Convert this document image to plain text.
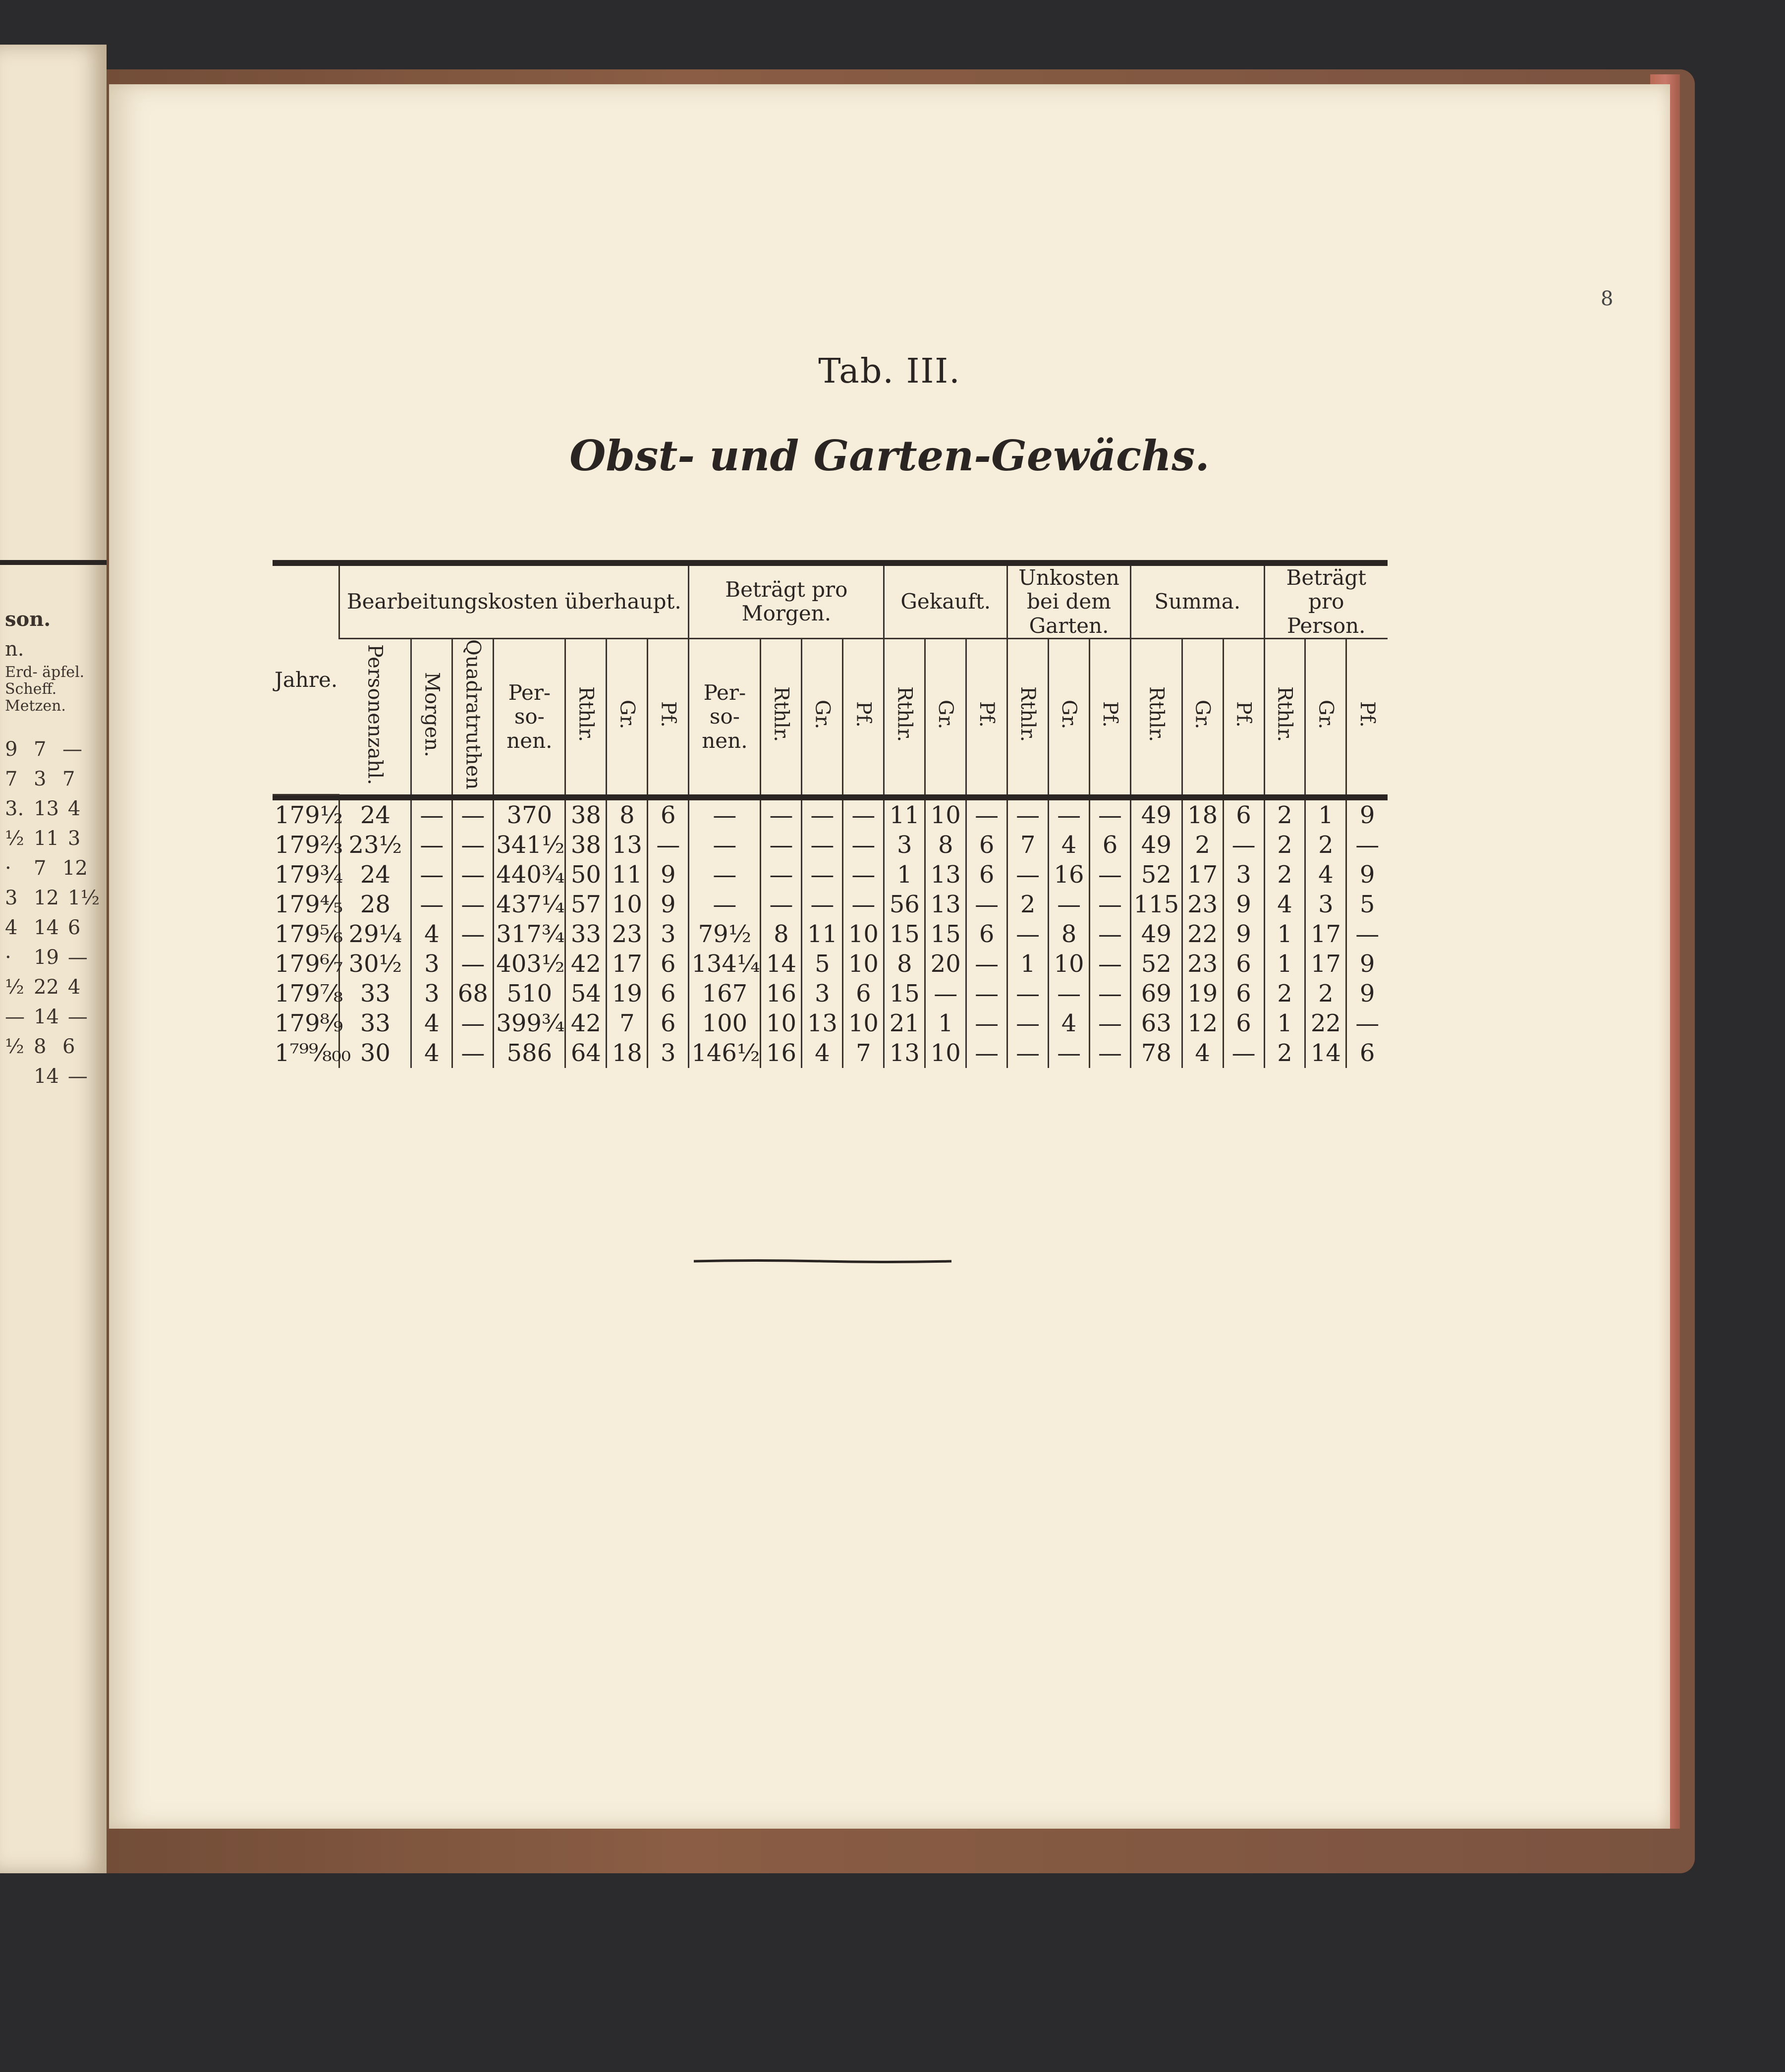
son.
n.
Erd- äpfel.
Scheff.
Metzen.
9 7 —
7 3 7
3. 13 4
½ 11 3
·	7 12
3 12 1½
4 14 6
·	19 —
½ 22 4
— 14 —
½ 8 6
14 —
8
Tab. III.
Obst- und Garten-Gewächs.
Jahre.	Bearbeitungskosten überhaupt.							Beträgt pro Morgen.				Gekauft.			Unkosten bei dem Garten.			Summa.			Beträgt pro Person.		
	Personenzahl.	Morgen.	Quadratruthen	Per- so- nen.	Rthlr.	Gr.	Pf.	Per- so- nen.	Rthlr.	Gr.	Pf.	Rthlr.	Gr.	Pf.	Rthlr.	Gr.	Pf.	Rthlr.	Gr.	Pf.	Rthlr.	Gr.	Pf.

179½	24	—	—	370	38	8	6	—	—	—	—	11	10	—	—	—	—	49	18	6	2	1	9
179⅔	23½	—	—	341½	38	13	—	—	—	—	—	3	8	6	7	4	6	49	2	—	2	2	—
179¾	24	—	—	440¾	50	11	9	—	—	—	—	1	13	6	—	16	—	52	17	3	2	4	9
179⅘	28	—	—	437¼	57	10	9	—	—	—	—	56	13	—	2	—	—	115	23	9	4	3	5
179⅚	29¼	4	—	317¾	33	23	3	79½	8	11	10	15	15	6	—	8	—	49	22	9	1	17	—
179⁶⁄₇	30½	3	—	403½	42	17	6	134¼	14	5	10	8	20	—	1	10	—	52	23	6	1	17	9
179⅞	33	3	68	510	54	19	6	167	16	3	6	15	—	—	—	—	—	69	19	6	2	2	9
179⁸⁄₉	33	4	—	399¾	42	7	6	100	10	13	10	21	1	—	—	4	—	63	12	6	1	22	—
1⁷⁹⁹⁄₈₀₀	30	4	—	586	64	18	3	146½	16	4	7	13	10	—	—	—	—	78	4	—	2	14	6
